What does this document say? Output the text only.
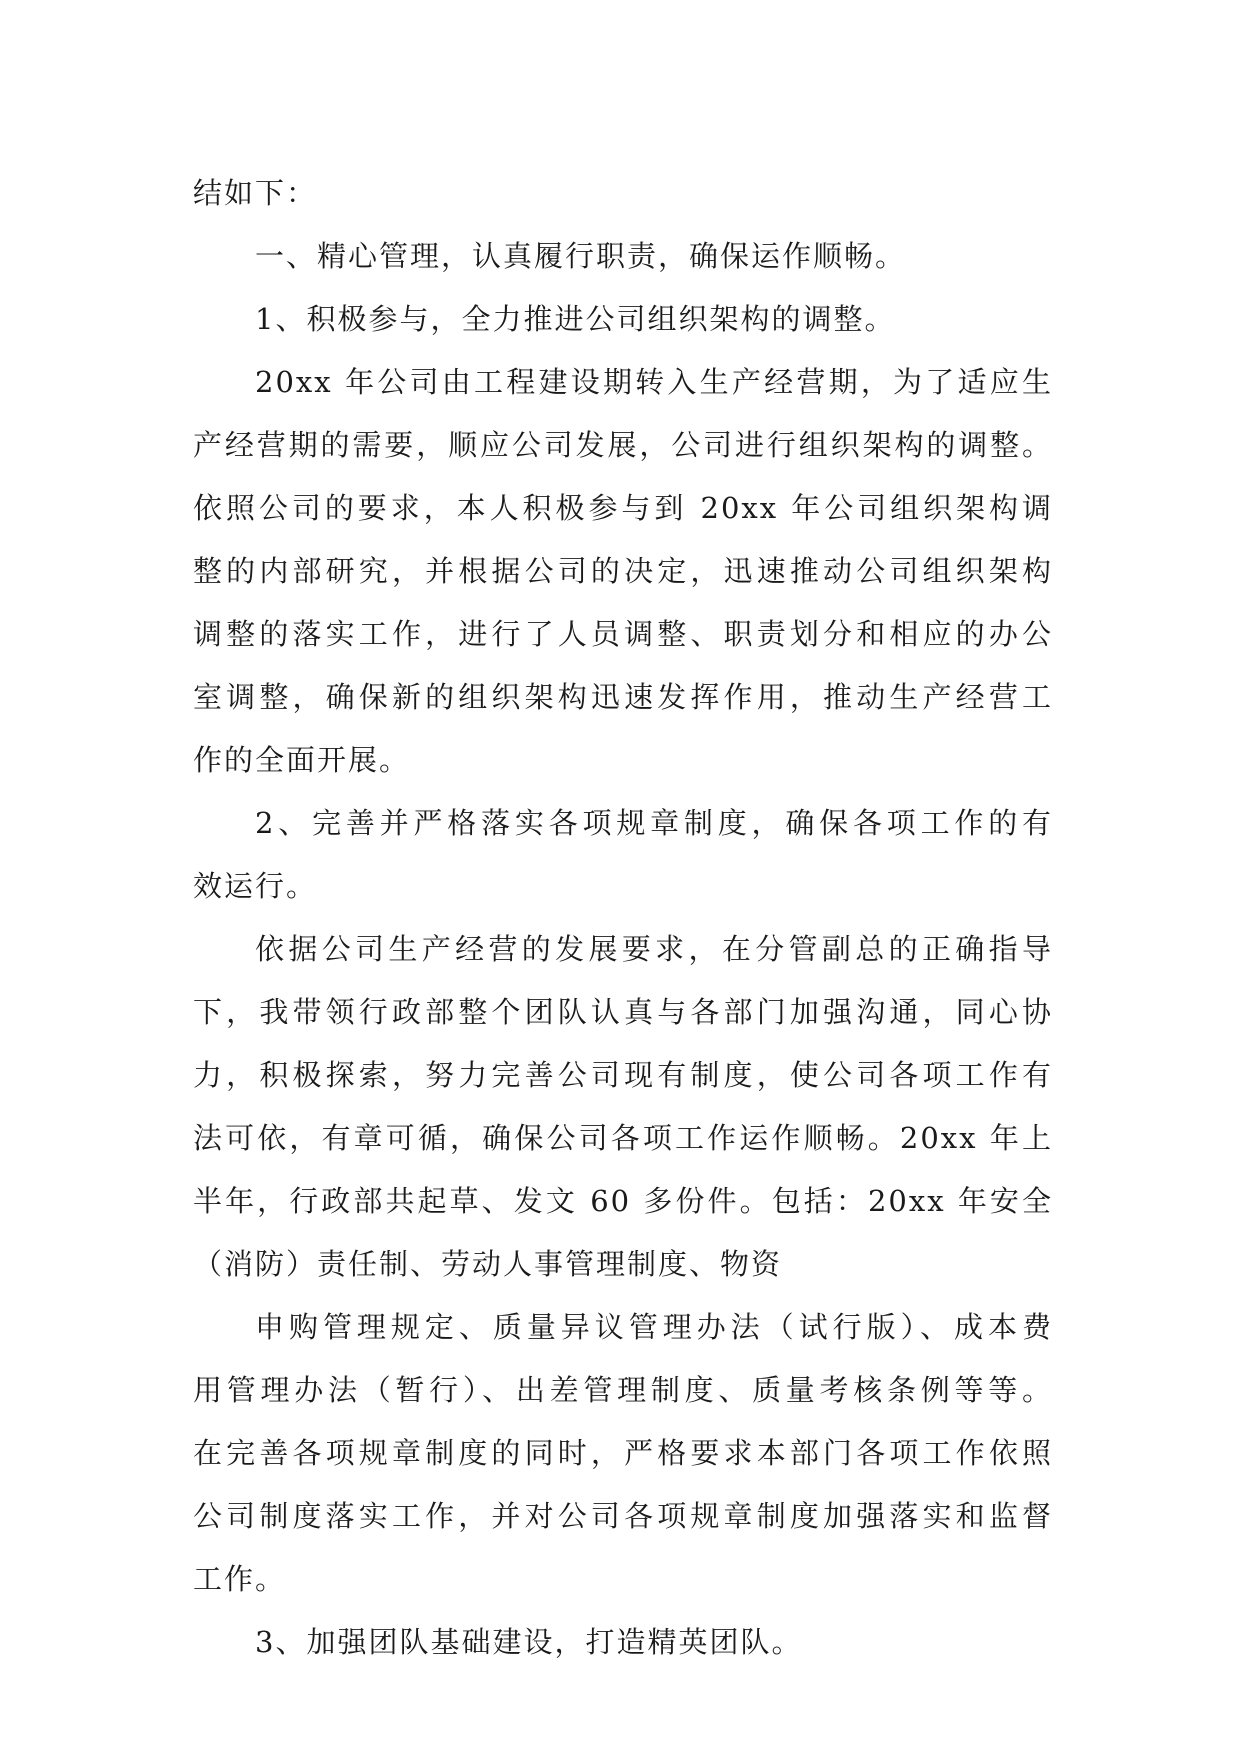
结如下：
一、精心管理，认真履行职责，确保运作顺畅。
1、积极参与，全力推进公司组织架构的调整。
20xx 年公司由工程建设期转入生产经营期，为了适应生
产经营期的需要，顺应公司发展，公司进行组织架构的调整。
依照公司的要求，本人积极参与到 20xx 年公司组织架构调
整的内部研究，并根据公司的决定，迅速推动公司组织架构
调整的落实工作，进行了人员调整、职责划分和相应的办公
室调整，确保新的组织架构迅速发挥作用，推动生产经营工
作的全面开展。
2、完善并严格落实各项规章制度，确保各项工作的有
效运行。
依据公司生产经营的发展要求，在分管副总的正确指导
下，我带领行政部整个团队认真与各部门加强沟通，同心协
力，积极探索，努力完善公司现有制度，使公司各项工作有
法可依，有章可循，确保公司各项工作运作顺畅。20xx 年上
半年，行政部共起草、发文 60 多份件。包括：20xx 年安全
（消防）责任制、劳动人事管理制度、物资
申购管理规定、质量异议管理办法（试行版）、成本费
用管理办法（暂行）、出差管理制度、质量考核条例等等。
在完善各项规章制度的同时，严格要求本部门各项工作依照
公司制度落实工作，并对公司各项规章制度加强落实和监督
工作。
3、加强团队基础建设，打造精英团队。
